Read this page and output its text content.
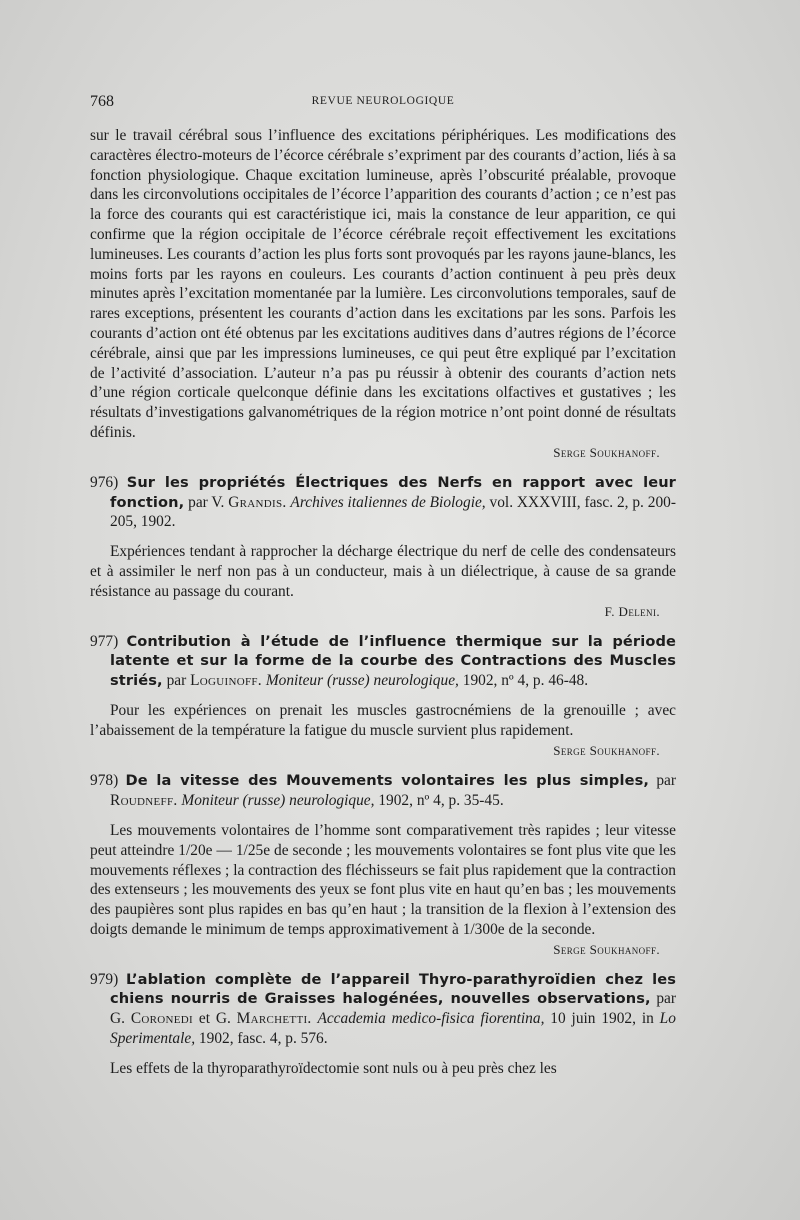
768	REVUE NEUROLOGIQUE

sur le travail cérébral sous l’influence des excitations périphériques. Les modifications des caractères électro-moteurs de l’écorce cérébrale s’expriment par des courants d’action, liés à sa fonction physiologique. Chaque excitation lumineuse, après l’obscurité préalable, provoque dans les circonvolutions occipitales de l’écorce l’apparition des courants d’action ; ce n’est pas la force des courants qui est caractéristique ici, mais la constance de leur apparition, ce qui confirme que la région occipitale de l’écorce cérébrale reçoit effectivement les excitations lumineuses. Les courants d’action les plus forts sont provoqués par les rayons jaune-blancs, les moins forts par les rayons en couleurs. Les courants d’action continuent à peu près deux minutes après l’excitation momentanée par la lumière. Les circonvolutions temporales, sauf de rares exceptions, présentent les courants d’action dans les excitations par les sons. Parfois les courants d’action ont été obtenus par les excitations auditives dans d’autres régions de l’écorce cérébrale, ainsi que par les impressions lumineuses, ce qui peut être expliqué par l’excitation de l’activité d’association. L’auteur n’a pas pu réussir à obtenir des courants d’action nets d’une région corticale quelconque définie dans les excitations olfactives et gustatives ; les résultats d’investigations galvanométriques de la région motrice n’ont point donné de résultats définis.

Serge Soukhanoff.

976) Sur les propriétés Électriques des Nerfs en rapport avec leur fonction, par V. Grandis. Archives italiennes de Biologie, vol. XXXVIII, fasc. 2, p. 200-205, 1902.

Expériences tendant à rapprocher la décharge électrique du nerf de celle des condensateurs et à assimiler le nerf non pas à un conducteur, mais à un diélectrique, à cause de sa grande résistance au passage du courant.

F. Deleni.

977) Contribution à l’étude de l’influence thermique sur la période latente et sur la forme de la courbe des Contractions des Muscles striés, par Loguinoff. Moniteur (russe) neurologique, 1902, nº 4, p. 46-48.

Pour les expériences on prenait les muscles gastrocnémiens de la grenouille ; avec l’abaissement de la température la fatigue du muscle survient plus rapidement.
Serge Soukhanoff.

978) De la vitesse des Mouvements volontaires les plus simples, par Roudneff. Moniteur (russe) neurologique, 1902, nº 4, p. 35-45.

Les mouvements volontaires de l’homme sont comparativement très rapides ; leur vitesse peut atteindre 1/20e — 1/25e de seconde ; les mouvements volontaires se font plus vite que les mouvements réflexes ; la contraction des fléchisseurs se fait plus rapidement que la contraction des extenseurs ; les mouvements des yeux se font plus vite en haut qu’en bas ; les mouvements des paupières sont plus rapides en bas qu’en haut ; la transition de la flexion à l’extension des doigts demande le minimum de temps approximativement à 1/300e de la seconde.

Serge Soukhanoff.

979) L’ablation complète de l’appareil Thyro-parathyroïdien chez les chiens nourris de Graisses halogénées, nouvelles observations, par G. Coronedi et G. Marchetti. Accademia medico-fisica fiorentina, 10 juin 1902, in Lo Sperimentale, 1902, fasc. 4, p. 576.

Les effets de la thyroparathyroïdectomie sont nuls ou à peu près chez les
